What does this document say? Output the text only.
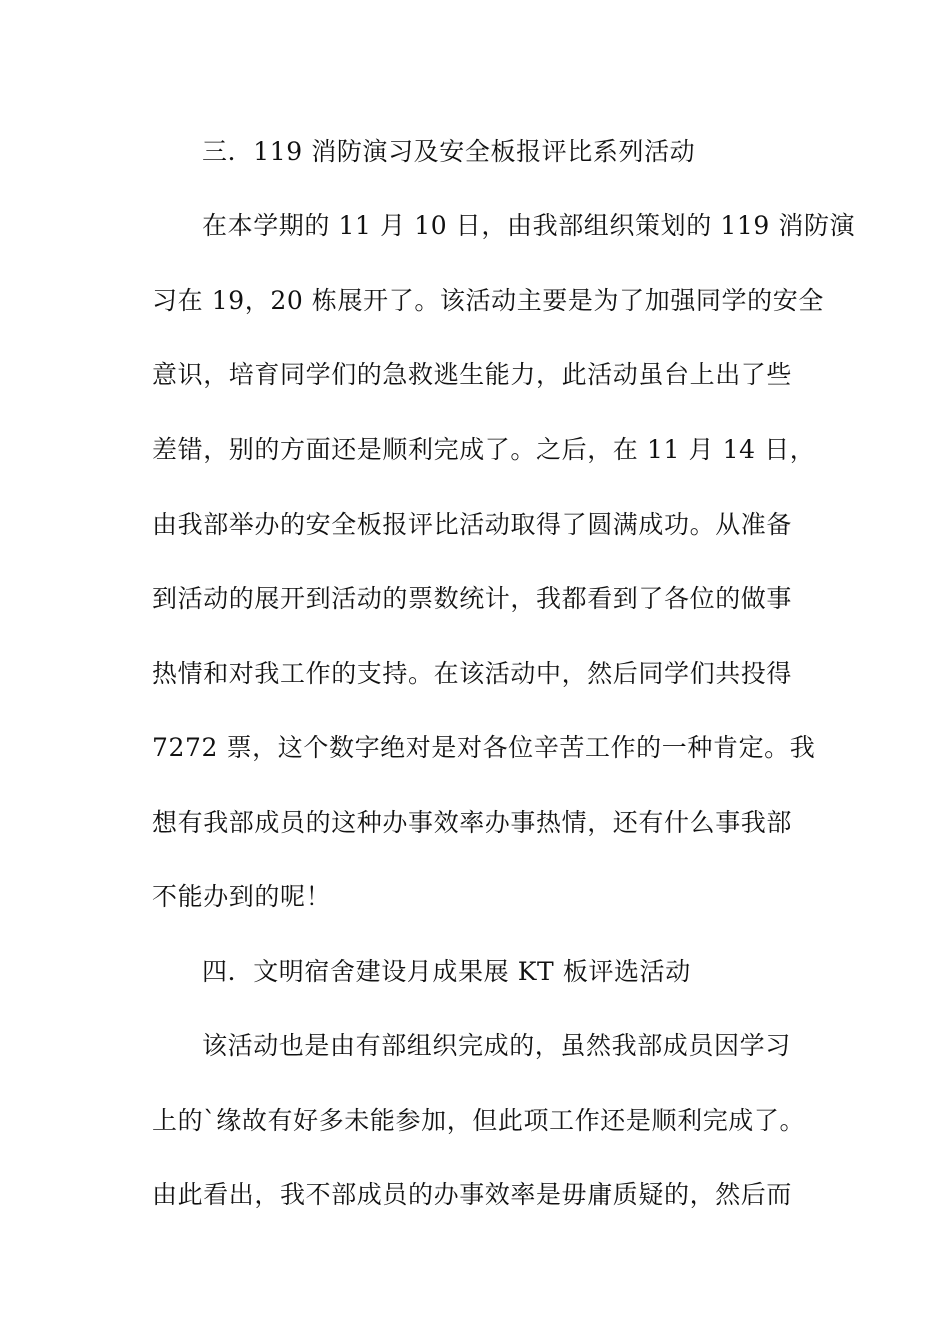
三．119 消防演习及安全板报评比系列活动
在本学期的 11 月 10 日，由我部组织策划的 119 消防演
习在 19，20 栋展开了。该活动主要是为了加强同学的安全
意识，培育同学们的急救逃生能力，此活动虽台上出了些
差错，别的方面还是顺利完成了。之后，在 11 月 14 日，
由我部举办的安全板报评比活动取得了圆满成功。从准备
到活动的展开到活动的票数统计，我都看到了各位的做事
热情和对我工作的支持。在该活动中，然后同学们共投得
7272 票，这个数字绝对是对各位辛苦工作的一种肯定。我
想有我部成员的这种办事效率办事热情，还有什么事我部
不能办到的呢！
四．文明宿舍建设月成果展 KT 板评选活动
该活动也是由有部组织完成的，虽然我部成员因学习
上的`缘故有好多未能参加，但此项工作还是顺利完成了。
由此看出，我不部成员的办事效率是毋庸质疑的，然后而
